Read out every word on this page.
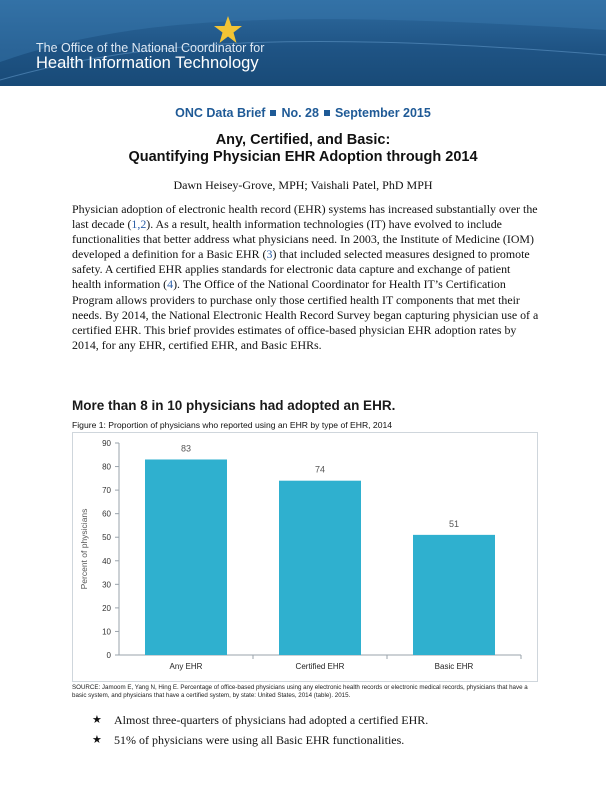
The Office of the National Coordinator for
Health Information Technology
ONC Data Brief No. 28 September 2015
Any, Certified, and Basic:
Quantifying Physician EHR Adoption through 2014
Dawn Heisey-Grove, MPH; Vaishali Patel, PhD MPH
Physician adoption of electronic health record (EHR) systems has increased substantially over the last decade (1,2). As a result, health information technologies (IT) have evolved to include functionalities that better address what physicians need. In 2003, the Institute of Medicine (IOM) developed a definition for a Basic EHR (3) that included selected measures designed to promote safety. A certified EHR applies standards for electronic data capture and exchange of patient health information (4). The Office of the National Coordinator for Health IT’s Certification Program allows providers to purchase only those certified health IT components that met their needs. By 2014, the National Electronic Health Record Survey began capturing physician use of a certified EHR. This brief provides estimates of office-based physician EHR adoption rates by 2014, for any EHR, certified EHR, and Basic EHRs.
More than 8 in 10 physicians had adopted an EHR.
Figure 1: Proportion of physicians who reported using an EHR by type of EHR, 2014
0
10
20
30
40
50
60
70
80
90
Percent of physicians
83
Any EHR
74
Certified EHR
51
Basic EHR
SOURCE: Jamoom E, Yang N, Hing E. Percentage of office-based physicians using any electronic health records or electronic medical records, physicians that have a basic system, and physicians that have a certified system, by state: United States, 2014 (table). 2015.
★	Almost three-quarters of physicians had adopted a certified EHR.
★	51% of physicians were using all Basic EHR functionalities.
